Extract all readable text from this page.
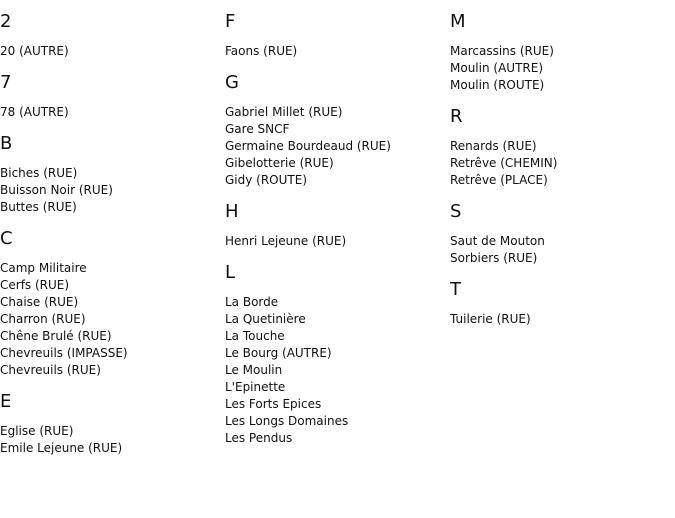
2
20 (AUTRE)
7
78 (AUTRE)
B
Biches (RUE)
Buisson Noir (RUE)
Buttes (RUE)
C
Camp Militaire
Cerfs (RUE)
Chaise (RUE)
Charron (RUE)
Chêne Brulé (RUE)
Chevreuils (IMPASSE)
Chevreuils (RUE)
E
Eglise (RUE)
Emile Lejeune (RUE)
F
Faons (RUE)
G
Gabriel Millet (RUE)
Gare SNCF
Germaine Bourdeaud (RUE)
Gibelotterie (RUE)
Gidy (ROUTE)
H
Henri Lejeune (RUE)
L
La Borde
La Quetinière
La Touche
Le Bourg (AUTRE)
Le Moulin
L'Epinette
Les Forts Epices
Les Longs Domaines
Les Pendus
M
Marcassins (RUE)
Moulin (AUTRE)
Moulin (ROUTE)
R
Renards (RUE)
Retrêve (CHEMIN)
Retrêve (PLACE)
S
Saut de Mouton
Sorbiers (RUE)
T
Tuilerie (RUE)
